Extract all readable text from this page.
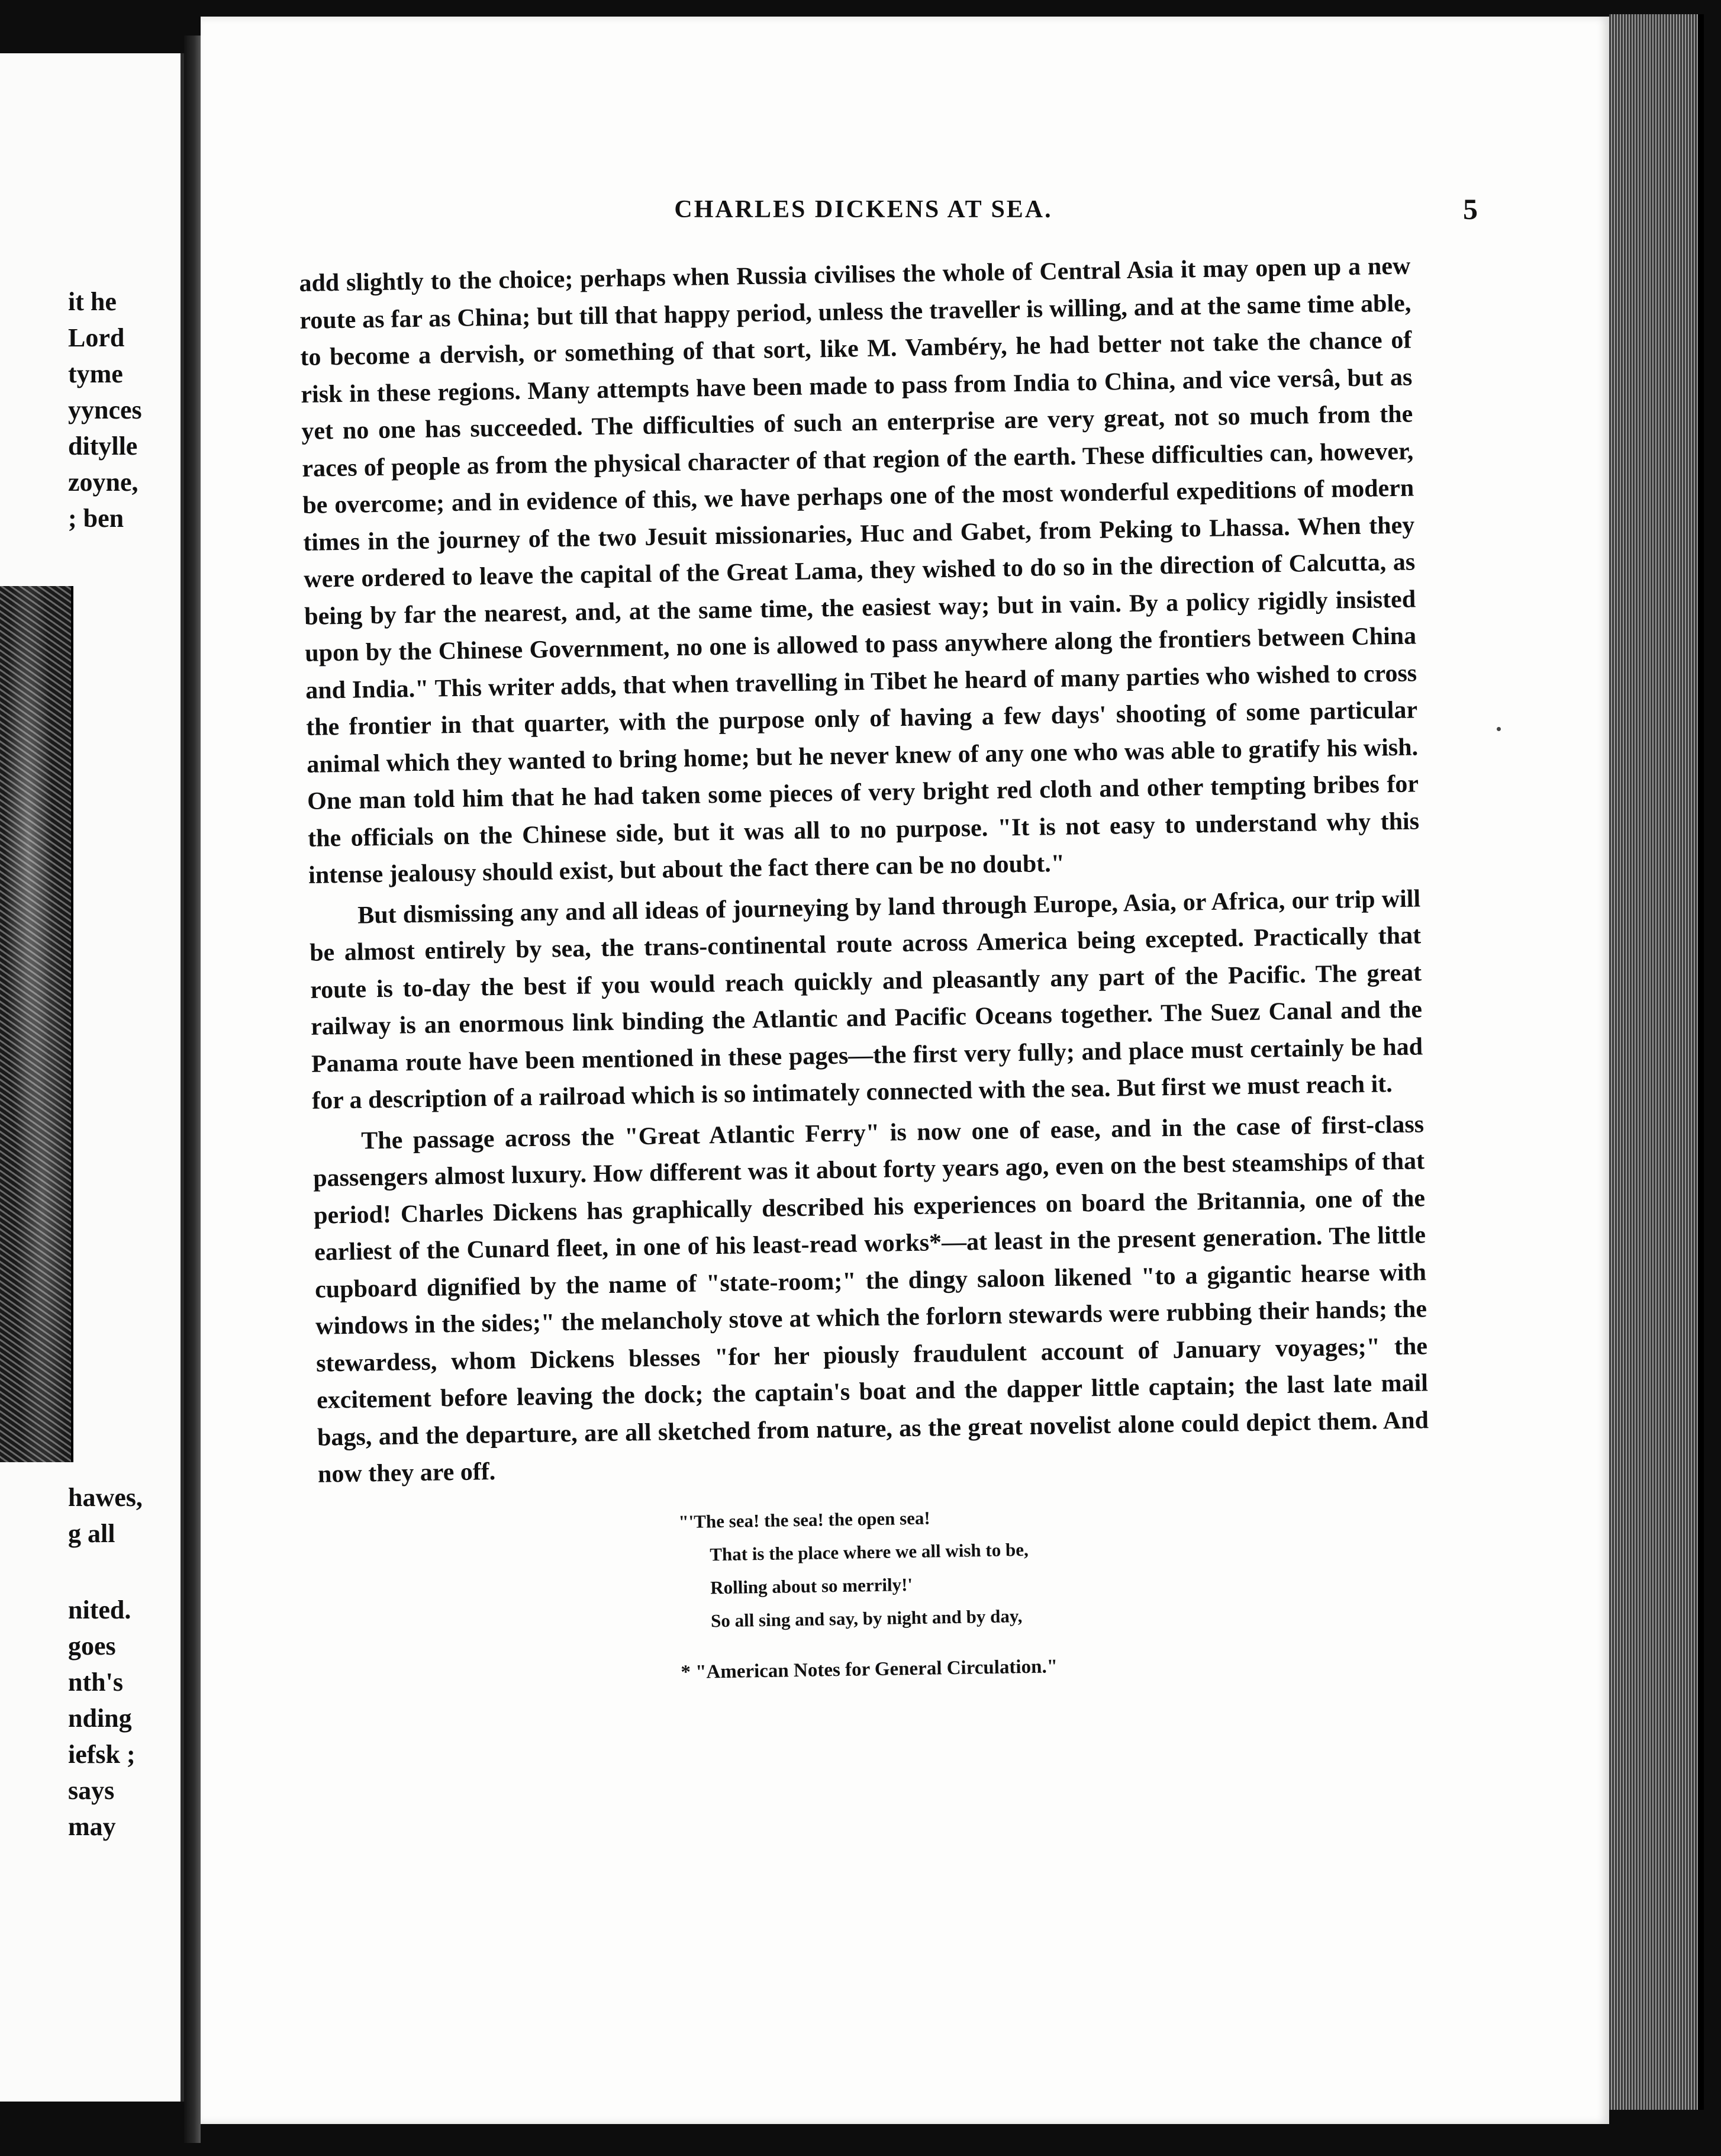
it he
Lord
tyme
yynces
ditylle
zoyne,
; ben
hawes,
g all
nited.
goes
nth's
nding
iefsk ;
says
may
CHARLES DICKENS AT SEA.	5

add slightly to the choice; perhaps when Russia civilises the whole of Central Asia it may open up a new route as far as China; but till that happy period, unless the traveller is willing, and at the same time able, to become a dervish, or something of that sort, like M. Vambéry, he had better not take the chance of risk in these regions. Many attempts have been made to pass from India to China, and vice versâ, but as yet no one has succeeded. The difficulties of such an enterprise are very great, not so much from the races of people as from the physical character of that region of the earth. These difficulties can, however, be overcome; and in evidence of this, we have perhaps one of the most wonderful expeditions of modern times in the journey of the two Jesuit missionaries, Huc and Gabet, from Peking to Lhassa. When they were ordered to leave the capital of the Great Lama, they wished to do so in the direction of Calcutta, as being by far the nearest, and, at the same time, the easiest way; but in vain. By a policy rigidly insisted upon by the Chinese Government, no one is allowed to pass anywhere along the frontiers between China and India." This writer adds, that when travelling in Tibet he heard of many parties who wished to cross the frontier in that quarter, with the purpose only of having a few days' shooting of some particular animal which they wanted to bring home; but he never knew of any one who was able to gratify his wish. One man told him that he had taken some pieces of very bright red cloth and other tempting bribes for the officials on the Chinese side, but it was all to no purpose. "It is not easy to understand why this intense jealousy should exist, but about the fact there can be no doubt."

But dismissing any and all ideas of journeying by land through Europe, Asia, or Africa, our trip will be almost entirely by sea, the trans-continental route across America being excepted. Practically that route is to-day the best if you would reach quickly and pleasantly any part of the Pacific. The great railway is an enormous link binding the Atlantic and Pacific Oceans together. The Suez Canal and the Panama route have been mentioned in these pages—the first very fully; and place must certainly be had for a description of a railroad which is so intimately connected with the sea. But first we must reach it.

The passage across the "Great Atlantic Ferry" is now one of ease, and in the case of first-class passengers almost luxury. How different was it about forty years ago, even on the best steamships of that period! Charles Dickens has graphically described his experiences on board the Britannia, one of the earliest of the Cunard fleet, in one of his least-read works*—at least in the present generation. The little cupboard dignified by the name of "state-room;" the dingy saloon likened "to a gigantic hearse with windows in the sides;" the melancholy stove at which the forlorn stewards were rubbing their hands; the stewardess, whom Dickens blesses "for her piously fraudulent account of January voyages;" the excitement before leaving the dock; the captain's boat and the dapper little captain; the last late mail bags, and the departure, are all sketched from nature, as the great novelist alone could depict them. And now they are off.

"'The sea! the sea! the open sea!
That is the place where we all wish to be,
Rolling about so merrily!'
So all sing and say, by night and by day,
* "American Notes for General Circulation."
